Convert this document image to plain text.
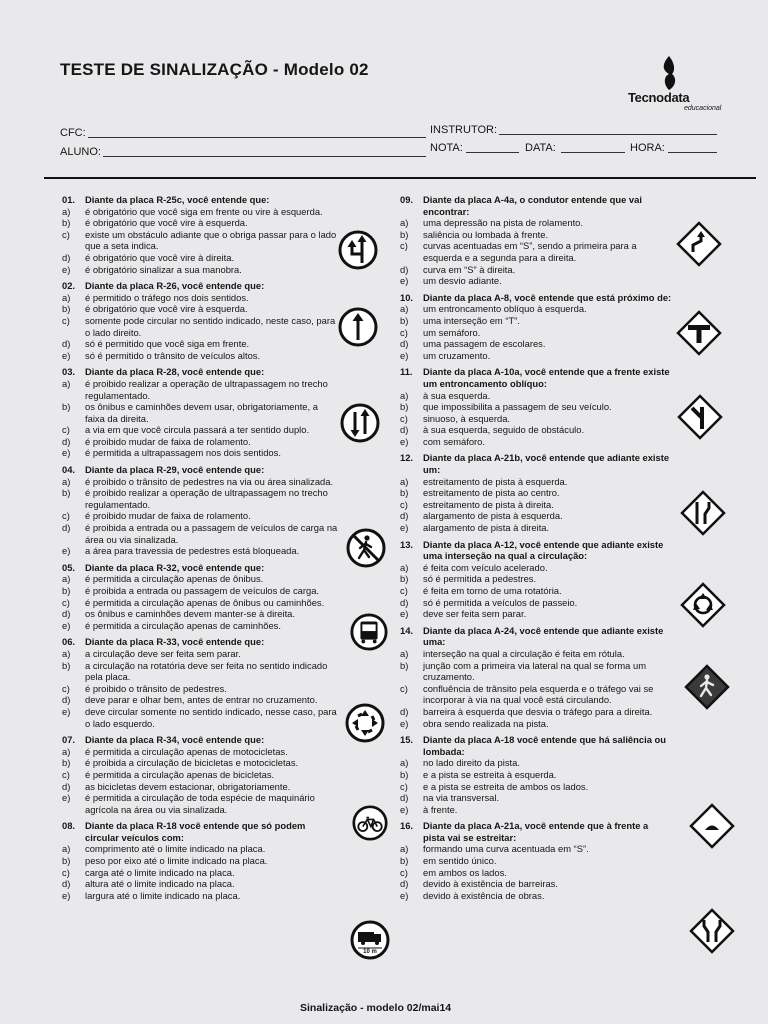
TESTE DE SINALIZAÇÃO - Modelo 02
Tecnodata
educacional
CFC:
ALUNO:
INSTRUTOR:
NOTA:	DATA:	HORA:
01.	Diante da placa R-25c, você entende que:
a)	é obrigatório que você siga em frente ou vire à esquerda.
b)	é obrigatório que você vire à esquerda.
c)	existe um obstáculo adiante que o obriga passar para o lado que a seta indica.
d)	é obrigatório que você vire à direita.
e)	é obrigatório sinalizar a sua manobra.
02.	Diante da placa R-26, você entende que:
a)	é permitido o tráfego nos dois sentidos.
b)	é obrigatório que você vire à esquerda.
c)	somente pode circular no sentido indicado, neste caso, para o lado direito.
d)	só é permitido que você siga em frente.
e)	só é permitido o trânsito de veículos altos.
03.	Diante da placa R-28, você entende que:
a)	é proibido realizar a operação de ultrapassagem no trecho regulamentado.
b)	os ônibus e caminhões devem usar, obrigatoriamente, a faixa da direita.
c)	a via em que você circula passará a ter sentido duplo.
d)	é proibido mudar de faixa de rolamento.
e)	é permitida a ultrapassagem nos dois sentidos.
04.	Diante da placa R-29, você entende que:
a)	é proibido o trânsito de pedestres na via ou área sinalizada.
b)	é proibido realizar a operação de ultrapassagem no trecho regulamentado.
c)	é proibido mudar de faixa de rolamento.
d)	é proibida a entrada ou a passagem de veículos de carga na área ou via sinalizada.
e)	a área para travessia de pedestres está bloqueada.
05.	Diante da placa R-32, você entende que:
a)	é permitida a circulação apenas de ônibus.
b)	é proibida a entrada ou passagem de veículos de carga.
c)	é permitida a circulação apenas de ônibus ou caminhões.
d)	os ônibus e caminhões devem manter-se à direita.
e)	é permitida a circulação apenas de caminhões.
06.	Diante da placa R-33, você entende que:
a)	a circulação deve ser feita sem parar.
b)	a circulação na rotatória deve ser feita no sentido indicado pela placa.
c)	é proibido o trânsito de pedestres.
d)	deve parar e olhar bem, antes de entrar no cruzamento.
e)	deve circular somente no sentido indicado, nesse caso, para o lado esquerdo.
07.	Diante da placa R-34, você entende que:
a)	é permitida a circulação apenas de motocicletas.
b)	é proibida a circulação de bicicletas e motocicletas.
c)	é permitida a circulação apenas de bicicletas.
d)	as bicicletas devem estacionar, obrigatoriamente.
e)	é permitida a circulação de toda espécie de maquinário agrícola na área ou via sinalizada.
08.	Diante da placa R-18 você entende que só podem circular veículos com:
a)	comprimento até o limite indicado na placa.
b)	peso por eixo até o limite indicado na placa.
c)	carga até o limite indicado na placa.
d)	altura até o limite indicado na placa.
e)	largura até o limite indicado na placa.
09.	Diante da placa A-4a, o condutor entende que vai encontrar:
a)	uma depressão na pista de rolamento.
b)	saliência ou lombada à frente.
c)	curvas acentuadas em “S”, sendo a primeira para a esquerda e a segunda para a direita.
d)	curva em “S” à direita.
e)	um desvio adiante.
10.	Diante da placa A-8, você entende que está próximo de:
a)	um entroncamento oblíquo à esquerda.
b)	uma interseção em “T”.
c)	um semáforo.
d)	uma passagem de escolares.
e)	um cruzamento.
11.	Diante da placa A-10a, você entende que a frente existe um entroncamento oblíquo:
a)	à sua esquerda.
b)	que impossibilita a passagem de seu veículo.
c)	sinuoso, à esquerda.
d)	à sua esquerda, seguido de obstáculo.
e)	com semáforo.
12.	Diante da placa A-21b, você entende que adiante existe um:
a)	estreitamento de pista à esquerda.
b)	estreitamento de pista ao centro.
c)	estreitamento de pista à direita.
d)	alargamento de pista à esquerda.
e)	alargamento de pista à direita.
13.	Diante da placa A-12, você entende que adiante existe uma interseção na qual a circulação:
a)	é feita com veículo acelerado.
b)	só é permitida a pedestres.
c)	é feita em torno de uma rotatória.
d)	só é permitida a veículos de passeio.
e)	deve ser feita sem parar.
14.	Diante da placa A-24, você entende que adiante existe uma:
a)	interseção na qual a circulação é feita em rótula.
b)	junção com a primeira via lateral na qual se forma um cruzamento.
c)	confluência de trânsito pela esquerda e o tráfego vai se incorporar à via na qual você está circulando.
d)	barreira à esquerda que desvia o tráfego para a direita.
e)	obra sendo realizada na pista.
15.	Diante da placa A-18 você entende que há saliência ou lombada:
a)	no lado direito da pista.
b)	e a pista se estreita à esquerda.
c)	e a pista se estreita de ambos os lados.
d)	na via transversal.
e)	à frente.
16.	Diante da placa A-21a, você entende que à frente a pista vai se estreitar:
a)	formando uma curva acentuada em “S”.
b)	em sentido único.
c)	em ambos os lados.
d)	devido à existência de barreiras.
e)	devido à existência de obras.
10 m
Sinalização - modelo 02/mai14
